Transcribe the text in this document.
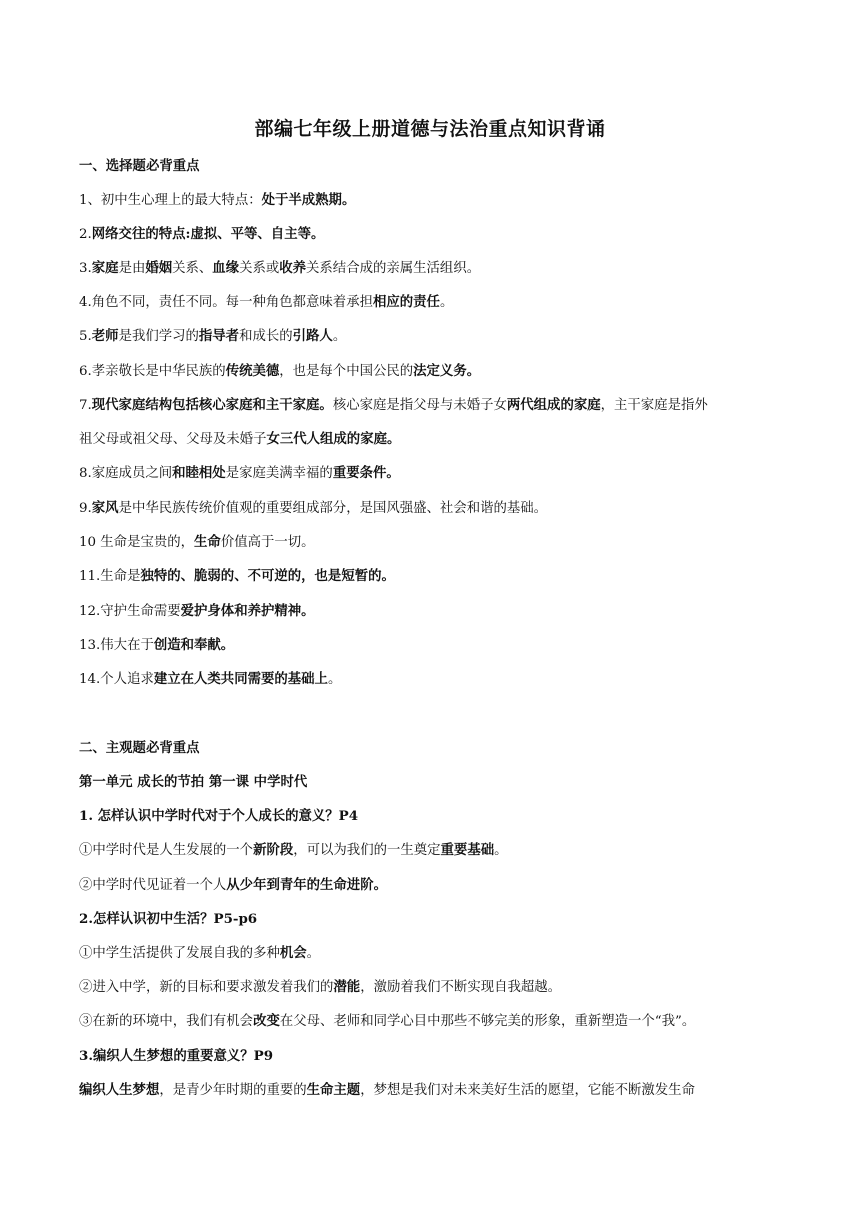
部编七年级上册道德与法治重点知识背诵
一、选择题必背重点
1、初中生心理上的最大特点：处于半成熟期。
2.网络交往的特点:虚拟、平等、自主等。
3.家庭是由婚姻关系、血缘关系或收养关系结合成的亲属生活组织。
4.角色不同，责任不同。每一种角色都意味着承担相应的责任。
5.老师是我们学习的指导者和成长的引路人。
6.孝亲敬长是中华民族的传统美德，也是每个中国公民的法定义务。
7.现代家庭结构包括核心家庭和主干家庭。核心家庭是指父母与未婚子女两代组成的家庭，主干家庭是指外
祖父母或祖父母、父母及未婚子女三代人组成的家庭。
8.家庭成员之间和睦相处是家庭美满幸福的重要条件。
9.家风是中华民族传统价值观的重要组成部分，是国风强盛、社会和谐的基础。
10 生命是宝贵的，生命价值高于一切。
11.生命是独特的、脆弱的、不可逆的，也是短暂的。
12.守护生命需要爱护身体和养护精神。
13.伟大在于创造和奉献。
14.个人追求建立在人类共同需要的基础上。
二、主观题必背重点
第一单元 成长的节拍 第一课 中学时代
1. 怎样认识中学时代对于个人成长的意义？P4
①中学时代是人生发展的一个新阶段，可以为我们的一生奠定重要基础。
②中学时代见证着一个人从少年到青年的生命进阶。
2.怎样认识初中生活？P5-p6
①中学生活提供了发展自我的多种机会。
②进入中学，新的目标和要求激发着我们的潜能，激励着我们不断实现自我超越。
③在新的环境中，我们有机会改变在父母、老师和同学心目中那些不够完美的形象，重新塑造一个“我”。
3.编织人生梦想的重要意义？P9
编织人生梦想，是青少年时期的重要的生命主题，梦想是我们对未来美好生活的愿望，它能不断激发生命
